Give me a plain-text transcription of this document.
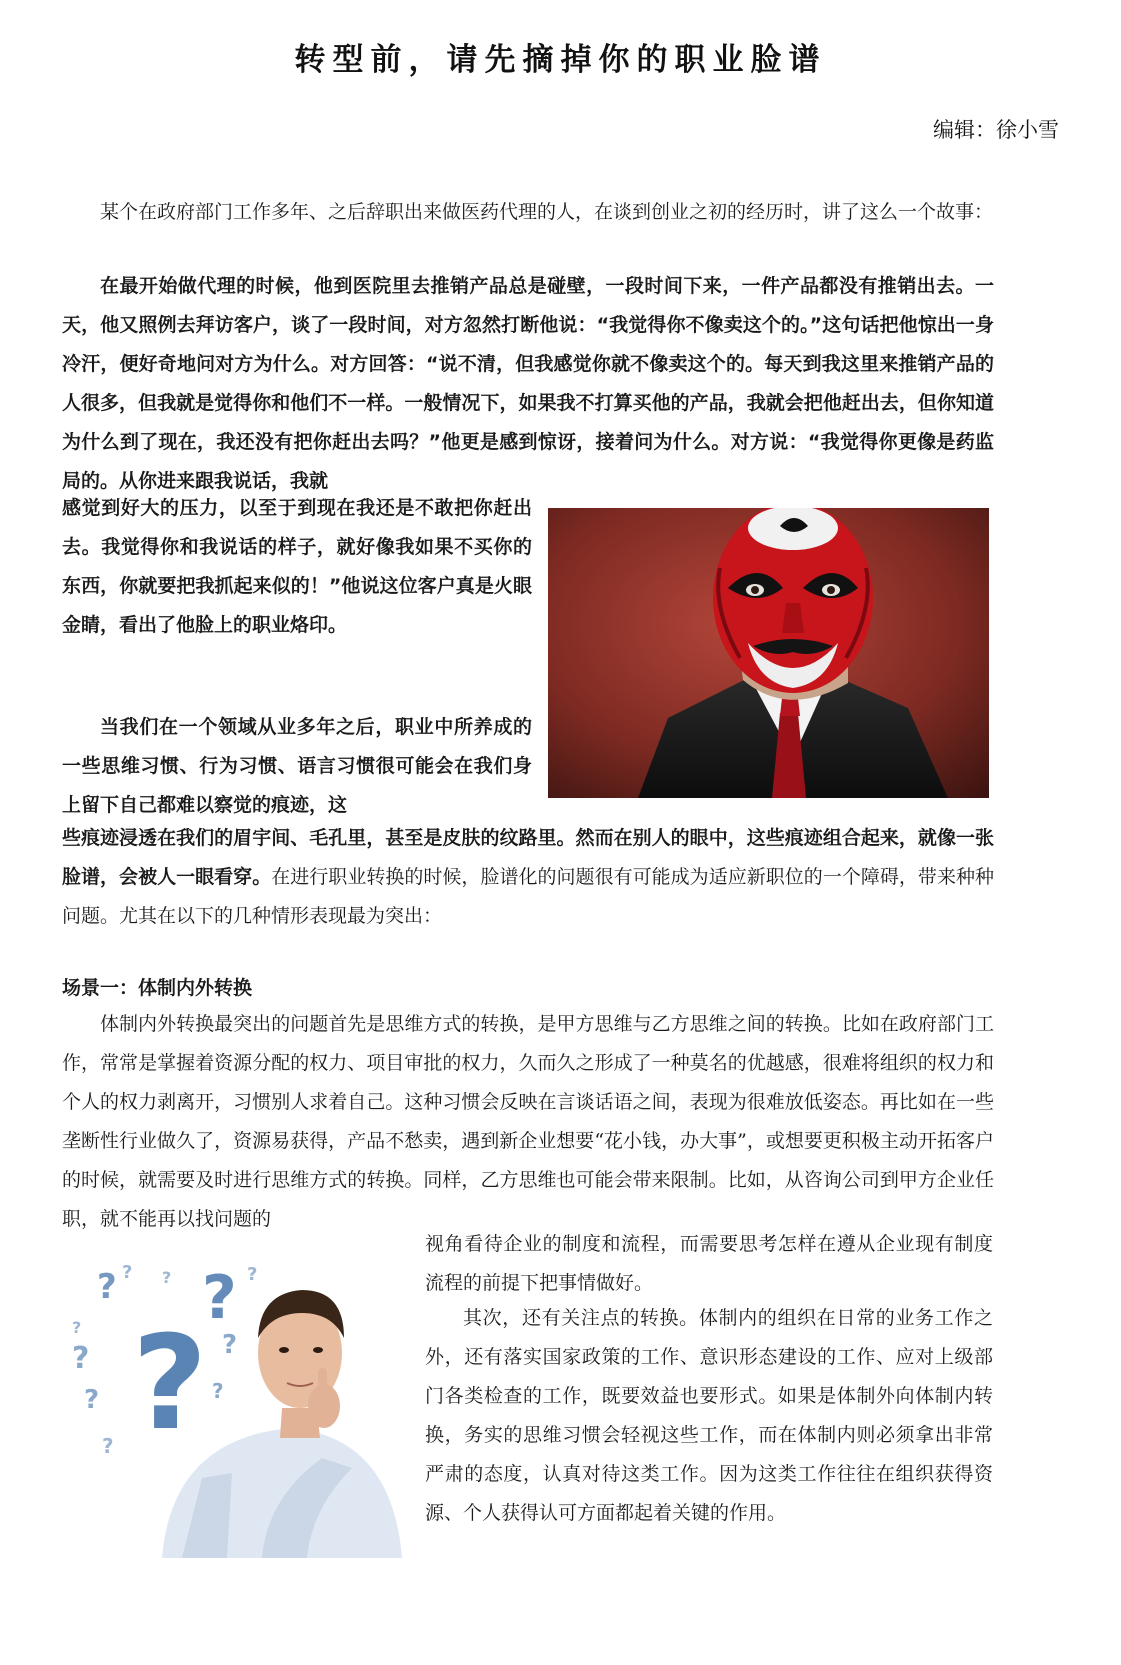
转型前，请先摘掉你的职业脸谱
编辑：徐小雪
某个在政府部门工作多年、之后辞职出来做医药代理的人，在谈到创业之初的经历时，讲了这么一个故事：
在最开始做代理的时候，他到医院里去推销产品总是碰壁，一段时间下来，一件产品都没有推销出去。一天，他又照例去拜访客户，谈了一段时间，对方忽然打断他说：“我觉得你不像卖这个的。”这句话把他惊出一身冷汗，便好奇地问对方为什么。对方回答：“说不清，但我感觉你就不像卖这个的。每天到我这里来推销产品的人很多，但我就是觉得你和他们不一样。一般情况下，如果我不打算买他的产品，我就会把他赶出去，但你知道为什么到了现在，我还没有把你赶出去吗？”他更是感到惊讶，接着问为什么。对方说：“我觉得你更像是药监局的。从你进来跟我说话，我就
感觉到好大的压力，以至于到现在我还是不敢把你赶出去。我觉得你和我说话的样子，就好像我如果不买你的东西，你就要把我抓起来似的！”他说这位客户真是火眼金睛，看出了他脸上的职业烙印。
当我们在一个领域从业多年之后，职业中所养成的一些思维习惯、行为习惯、语言习惯很可能会在我们身上留下自己都难以察觉的痕迹，这
些痕迹浸透在我们的眉宇间、毛孔里，甚至是皮肤的纹路里。然而在别人的眼中，这些痕迹组合起来，就像一张脸谱，会被人一眼看穿。在进行职业转换的时候，脸谱化的问题很有可能成为适应新职位的一个障碍，带来种种问题。尤其在以下的几种情形表现最为突出：
场景一：体制内外转换
体制内外转换最突出的问题首先是思维方式的转换，是甲方思维与乙方思维之间的转换。比如在政府部门工作，常常是掌握着资源分配的权力、项目审批的权力，久而久之形成了一种莫名的优越感，很难将组织的权力和个人的权力剥离开，习惯别人求着自己。这种习惯会反映在言谈话语之间，表现为很难放低姿态。再比如在一些垄断性行业做久了，资源易获得，产品不愁卖，遇到新企业想要“花小钱，办大事”，或想要更积极主动开拓客户的时候，就需要及时进行思维方式的转换。同样，乙方思维也可能会带来限制。比如，从咨询公司到甲方企业任职，就不能再以找问题的
视角看待企业的制度和流程，而需要思考怎样在遵从企业现有制度流程的前提下把事情做好。
其次，还有关注点的转换。体制内的组织在日常的业务工作之外，还有落实国家政策的工作、意识形态建设的工作、应对上级部门各类检查的工作，既要效益也要形式。如果是体制外向体制内转换，务实的思维习惯会轻视这些工作，而在体制内则必须拿出非常严肃的态度，认真对待这类工作。因为这类工作往往在组织获得资源、个人获得认可方面都起着关键的作用。
?
?
?
?
?
?
?
? ?	?
?
?
